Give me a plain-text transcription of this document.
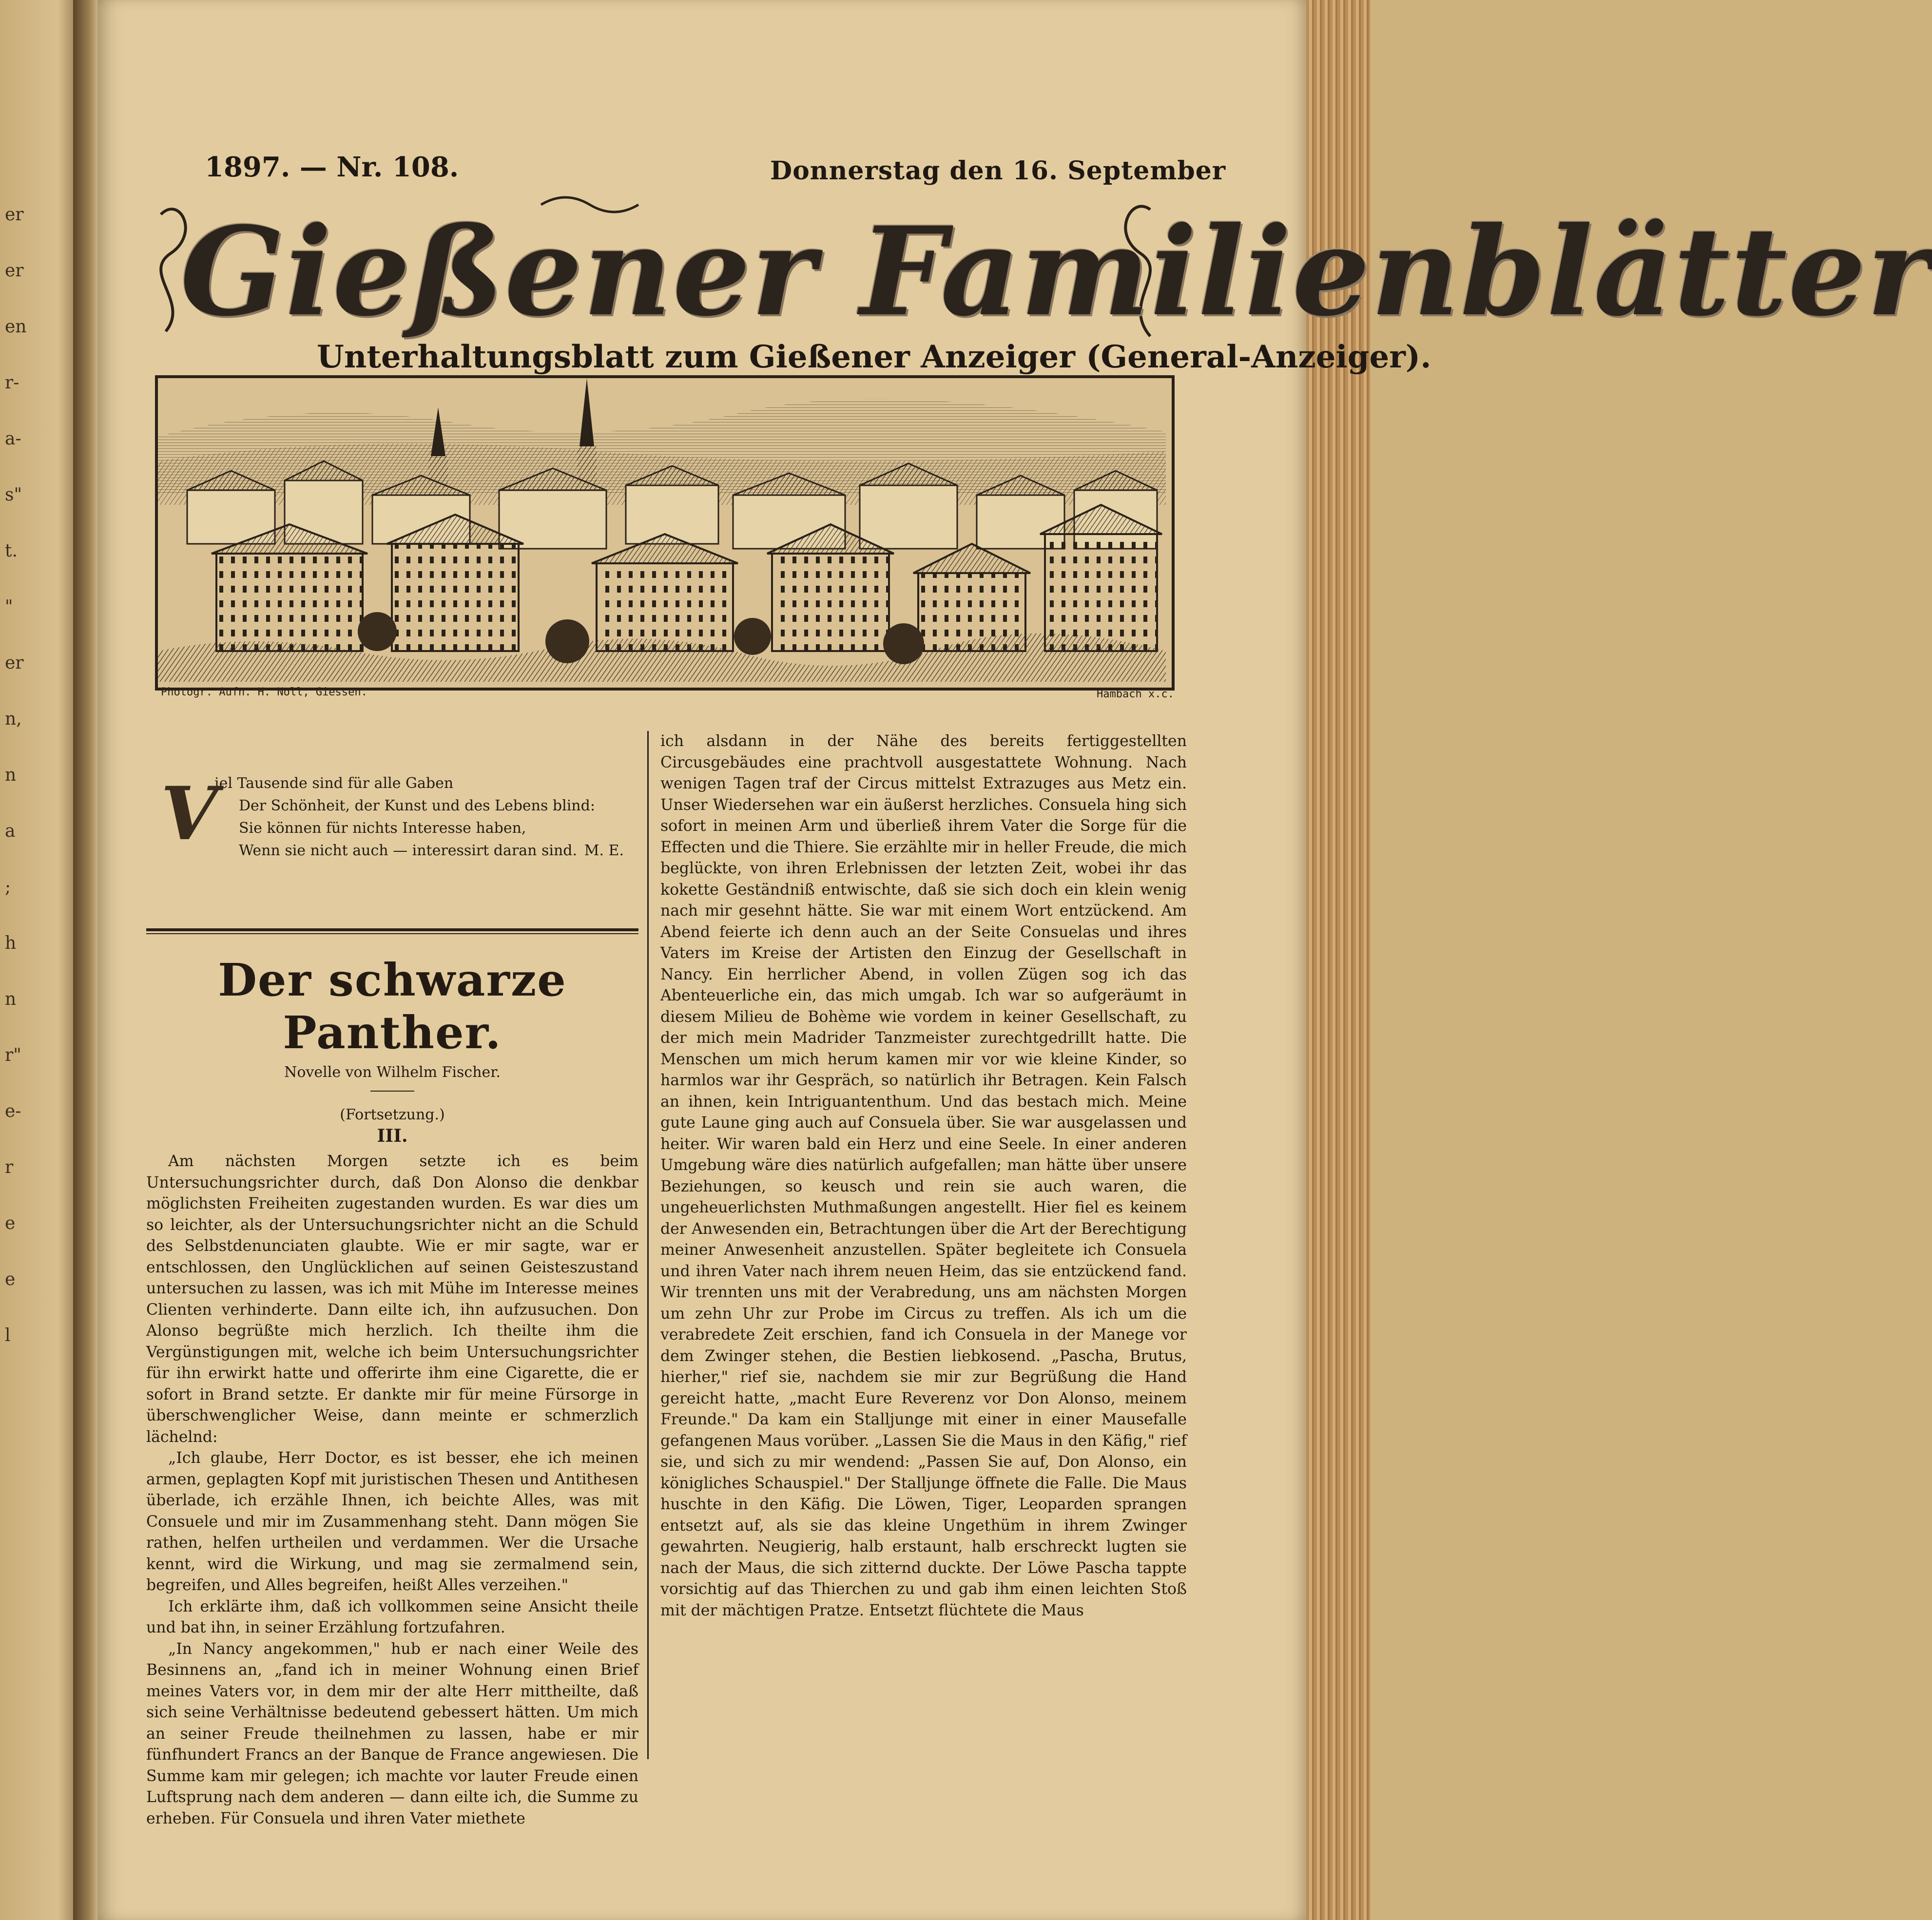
er
er
en
r-
a-
s"
t.
"
er
n,
n
a
;
h
n
r"
e-
r
e
e
l
1897. — Nr. 108.	Donnerstag den 16. September
Gießener Familienblätter
Unterhaltungsblatt zum Gießener Anzeiger (General-Anzeiger).
Photogr. Aufn. H. Noll, Giessen.	Hambach x.c.
V
iel Tausende sind für alle Gaben
Der Schönheit, der Kunst und des Lebens blind:
Sie können für nichts Interesse haben,
Wenn sie nicht auch — interessirt daran sind. M. E.
Der schwarze Panther.
Novelle von Wilhelm Fischer.
(Fortsetzung.)
III.

Am nächsten Morgen setzte ich es beim Untersuchungsrichter durch, daß Don Alonso die denkbar möglichsten Freiheiten zugestanden wurden. Es war dies um so leichter, als der Untersuchungsrichter nicht an die Schuld des Selbstdenunciaten glaubte. Wie er mir sagte, war er entschlossen, den Unglücklichen auf seinen Geisteszustand untersuchen zu lassen, was ich mit Mühe im Interesse meines Clienten verhinderte. Dann eilte ich, ihn aufzusuchen. Don Alonso begrüßte mich herzlich. Ich theilte ihm die Vergünstigungen mit, welche ich beim Untersuchungsrichter für ihn erwirkt hatte und offerirte ihm eine Cigarette, die er sofort in Brand setzte. Er dankte mir für meine Fürsorge in überschwenglicher Weise, dann meinte er schmerzlich lächelnd:

„Ich glaube, Herr Doctor, es ist besser, ehe ich meinen armen, geplagten Kopf mit juristischen Thesen und Antithesen überlade, ich erzähle Ihnen, ich beichte Alles, was mit Consuele und mir im Zusammenhang steht. Dann mögen Sie rathen, helfen urtheilen und verdammen. Wer die Ursache kennt, wird die Wirkung, und mag sie zermalmend sein, begreifen, und Alles begreifen, heißt Alles verzeihen."

Ich erklärte ihm, daß ich vollkommen seine Ansicht theile und bat ihn, in seiner Erzählung fortzufahren.

„In Nancy angekommen," hub er nach einer Weile des Besinnens an, „fand ich in meiner Wohnung einen Brief meines Vaters vor, in dem mir der alte Herr mittheilte, daß sich seine Verhältnisse bedeutend gebessert hätten. Um mich an seiner Freude theilnehmen zu lassen, habe er mir fünfhundert Francs an der Banque de France angewiesen. Die Summe kam mir gelegen; ich machte vor lauter Freude einen Luftsprung nach dem anderen — dann eilte ich, die Summe zu erheben. Für Consuela und ihren Vater miethete

ich alsdann in der Nähe des bereits fertiggestellten Circusgebäudes eine prachtvoll ausgestattete Wohnung. Nach wenigen Tagen traf der Circus mittelst Extrazuges aus Metz ein. Unser Wiedersehen war ein äußerst herzliches. Consuela hing sich sofort in meinen Arm und überließ ihrem Vater die Sorge für die Effecten und die Thiere. Sie erzählte mir in heller Freude, die mich beglückte, von ihren Erlebnissen der letzten Zeit, wobei ihr das kokette Geständniß entwischte, daß sie sich doch ein klein wenig nach mir gesehnt hätte. Sie war mit einem Wort entzückend. Am Abend feierte ich denn auch an der Seite Consuelas und ihres Vaters im Kreise der Artisten den Einzug der Gesellschaft in Nancy. Ein herrlicher Abend, in vollen Zügen sog ich das Abenteuerliche ein, das mich umgab. Ich war so aufgeräumt in diesem Milieu de Bohème wie vordem in keiner Gesellschaft, zu der mich mein Madrider Tanzmeister zurechtgedrillt hatte. Die Menschen um mich herum kamen mir vor wie kleine Kinder, so harmlos war ihr Gespräch, so natürlich ihr Betragen. Kein Falsch an ihnen, kein Intriguantenthum. Und das bestach mich. Meine gute Laune ging auch auf Consuela über. Sie war ausgelassen und heiter. Wir waren bald ein Herz und eine Seele. In einer anderen Umgebung wäre dies natürlich aufgefallen; man hätte über unsere Beziehungen, so keusch und rein sie auch waren, die ungeheuerlichsten Muthmaßungen angestellt. Hier fiel es keinem der Anwesenden ein, Betrachtungen über die Art der Berechtigung meiner Anwesenheit anzustellen. Später begleitete ich Consuela und ihren Vater nach ihrem neuen Heim, das sie entzückend fand. Wir trennten uns mit der Verabredung, uns am nächsten Morgen um zehn Uhr zur Probe im Circus zu treffen. Als ich um die verabredete Zeit erschien, fand ich Consuela in der Manege vor dem Zwinger stehen, die Bestien liebkosend. „Pascha, Brutus, hierher," rief sie, nachdem sie mir zur Begrüßung die Hand gereicht hatte, „macht Eure Reverenz vor Don Alonso, meinem Freunde." Da kam ein Stalljunge mit einer in einer Mausefalle gefangenen Maus vorüber. „Lassen Sie die Maus in den Käfig," rief sie, und sich zu mir wendend: „Passen Sie auf, Don Alonso, ein königliches Schauspiel." Der Stalljunge öffnete die Falle. Die Maus huschte in den Käfig. Die Löwen, Tiger, Leoparden sprangen entsetzt auf, als sie das kleine Ungethüm in ihrem Zwinger gewahrten. Neugierig, halb erstaunt, halb erschreckt lugten sie nach der Maus, die sich zitternd duckte. Der Löwe Pascha tappte vorsichtig auf das Thierchen zu und gab ihm einen leichten Stoß mit der mächtigen Pratze. Entsetzt flüchtete die Maus
